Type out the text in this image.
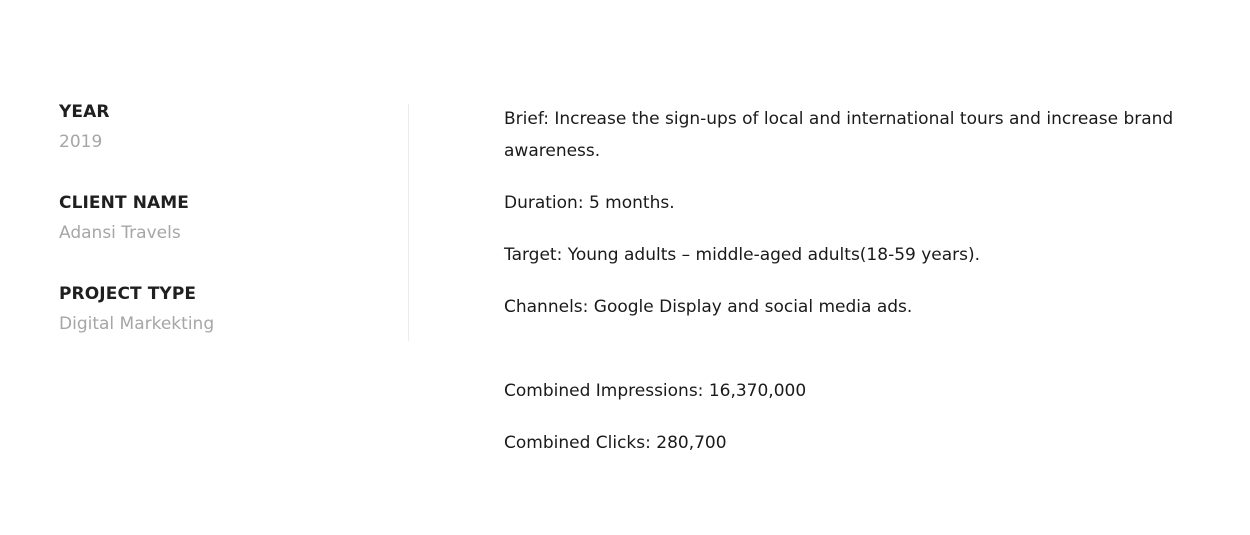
YEAR

2019

CLIENT NAME

Adansi Travels

PROJECT TYPE

Digital Markekting

Brief: Increase the sign-ups of local and international tours and increase brand awareness.

Duration: 5 months.

Target: Young adults – middle-aged adults(18-59 years).

Channels: Google Display and social media ads.

Combined Impressions: 16,370,000

Combined Clicks: 280,700
